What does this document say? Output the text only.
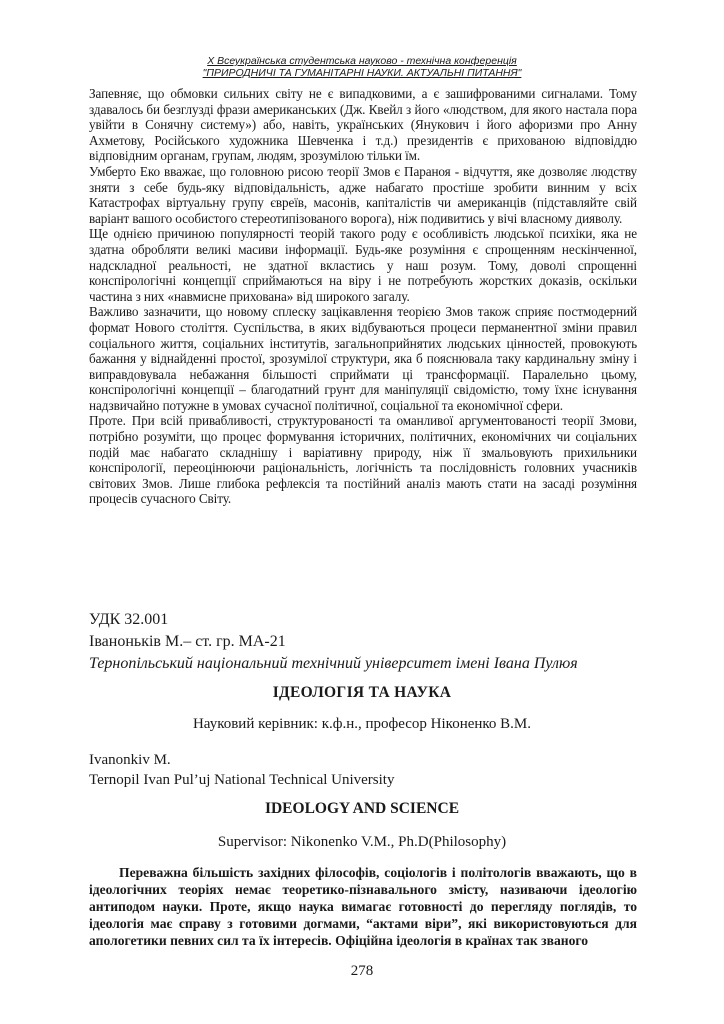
X Всеукраїнська студентська науково - технічна конференція
"ПРИРОДНИЧІ ТА ГУМАНІТАРНІ НАУКИ. АКТУАЛЬНІ ПИТАННЯ"

Запевняє, що обмовки сильних світу не є випадковими, а є зашифрованими сигналами. Тому здавалось би безглузді фрази американських (Дж. Квейл з його «людством, для якого настала пора увійти в Сонячну систему») або, навіть, українських (Янукович і його афоризми про Анну Ахметову, Російського художника Шевченка і т.д.) президентів є прихованою відповіддю відповідним органам, групам, людям, зрозумілою тільки їм.

Умберто Еко вважає, що головною рисою теорії Змов є Параноя - відчуття, яке дозволяє людству зняти з себе будь-яку відповідальність, адже набагато простіше зробити винним у всіх Катастрофах віртуальну групу євреїв, масонів, капіталістів чи американців (підставляйте свій варіант вашого особистого стереотипізованого ворога), ніж подивитись у вічі власному дияволу.

Ще однією причиною популярності теорій такого роду є особливість людської психіки, яка не здатна обробляти великі масиви інформації. Будь-яке розуміння є спрощенням нескінченної, надскладної реальності, не здатної вкластись у наш розум. Тому, доволі спрощенні конспірологічні концепції сприймаються на віру і не потребують жорстких доказів, оскільки частина з них «навмисне прихована» від широкого загалу.

Важливо зазначити, що новому сплеску зацікавлення теорією Змов також сприяє постмодерний формат Нового століття. Суспільства, в яких відбуваються процеси перманентної зміни правил соціального життя, соціальних інститутів, загальноприйнятих людських цінностей, провокують бажання у віднайденні простої, зрозумілої структури, яка б пояснювала таку кардинальну зміну і виправдовувала небажання більшості сприймати ці трансформації. Паралельно цьому, конспірологічні концепції – благодатний грунт для маніпуляції свідомістю, тому їхнє існування надзвичайно потужне в умовах сучасної політичної, соціальної та економічної сфери.

Проте. При всій привабливості, структурованості та оманливої аргументованості теорії Змови, потрібно розуміти, що процес формування історичних, політичних, економічних чи соціальних подій має набагато складнішу і варіативну природу, ніж її змальовують прихильники конспірології, переоцінюючи раціональність, логічність та послідовність головних учасників світових Змов. Лише глибока рефлексія та постійний аналіз мають стати на засаді розуміння процесів сучасного Світу.

УДК 32.001
Іваноньків М.– ст. гр. МА-21
Тернопільський національний технічний університет імені Івана Пулюя
ІДЕОЛОГІЯ ТА НАУКА
Науковий керівник: к.ф.н., професор Ніконенко В.М.
Ivanonkiv M.
Ternopil Ivan Pul’uj National Technical University
IDEOLOGY AND SCIENCE
Supervisor: Nikonenko V.M., Ph.D(Philosophy)
Переважна більшість західних філософів, соціологів і політологів вважають, що в ідеологічних теоріях немає теоретико-пізнавального змісту, називаючи ідеологію антиподом науки. Проте, якщо наука вимагає готовності до перегляду поглядів, то ідеологія має справу з готовими догмами, “актами віри”, які використовуються для апологетики певних сил та їх інтересів. Офіційна ідеологія в країнах так званого
278
